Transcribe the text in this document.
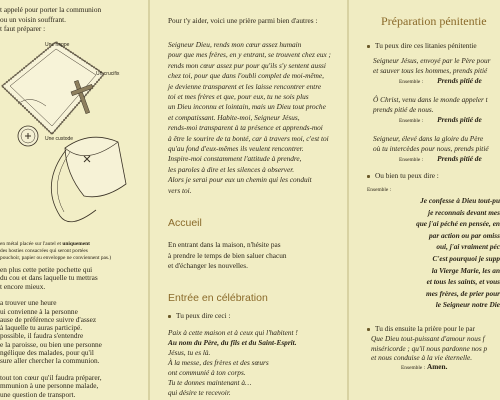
t appelé pour porter la communion
ou un voisin souffrant.
t faut préparer :
Une nappe
Un crucifix
Une custode
en métal placée sur l'autel et uniquement
des hosties consacrées qui seront portées
pouchoir, papier ou enveloppe ne conviennent pas.)
en plus cette petite pochette qui
du cou et dans laquelle tu mettras
t encore mieux.
a trouver une heure
ui convienne à la personne
ause de préférence suivre d'assez
à laquelle tu auras participé.
possible, il faudra s'entendre
e la paroisse, ou bien une personne
ngélique des malades, pour qu'il
sure aller chercher la communion.
tout ton cœur qu'il faudra préparer,
mmunion à une personne malade,
une question de transport.
Pour t'y aider, voici une prière parmi bien d'autres :
Seigneur Dieu, rends mon cœur assez humain
pour que mes frères, en y entrant, se trouvent chez eux ;
rends mon cœur assez pur pour qu'ils s'y sentent aussi
chez toi, pour que dans l'oubli complet de moi-même,
je devienne transparent et les laisse rencontrer entre
toi et mes frères et que, pour eux, tu ne sois plus
un Dieu inconnu et lointain, mais un Dieu tout proche
et compatissant. Habite-moi, Seigneur Jésus,
rends-moi transparent à ta présence et apprends-moi
à être le sourire de ta bonté, car à travers moi, c'est toi
qu'au fond d'eux-mêmes ils veulent rencontrer.
Inspire-moi constamment l'attitude à prendre,
les paroles à dire et les silences à observer.
Alors je serai pour eux un chemin qui les conduit
vers toi.
Accueil
En entrant dans la maison, n'hésite pas
à prendre le temps de bien saluer chacun
et d'échanger les nouvelles.
Entrée en célébration
Tu peux dire ceci :
Paix à cette maison et à ceux qui l'habitent !
Au nom du Père, du fils et du Saint-Esprit.
Jésus, tu es là.
À la messe, des frères et des sœurs
ont communié à ton corps.
Tu te donnes maintenant à…
qui désire te recevoir.
Préparation pénitentie
Tu peux dire ces litanies pénitentie
Seigneur Jésus, envoyé par le Père pour
et sauver tous les hommes, prends pitié
Ensemble : Prends pitié de
Ô Christ, venu dans le monde appeler t
prends pitié de nous.
Ensemble : Prends pitié de
Seigneur, élevé dans la gloire du Père
où tu intercèdes pour nous, prends pitié
Ensemble : Prends pitié de
Ou bien tu peux dire :
Ensemble :
Je confesse à Dieu tout-pu
je reconnais devant mes
que j'ai péché en pensée, en
par action ou par omiss
oui, j'ai vraiment péc
C'est pourquoi je supp
la Vierge Marie, les an
et tous les saints, et vous
mes frères, de prier pour
le Seigneur notre Die
Tu dis ensuite la prière pour le par
Que Dieu tout-puissant d'amour nous f
miséricorde ; qu'il nous pardonne nos p
et nous conduise à la vie éternelle.
Ensemble : Amen.
